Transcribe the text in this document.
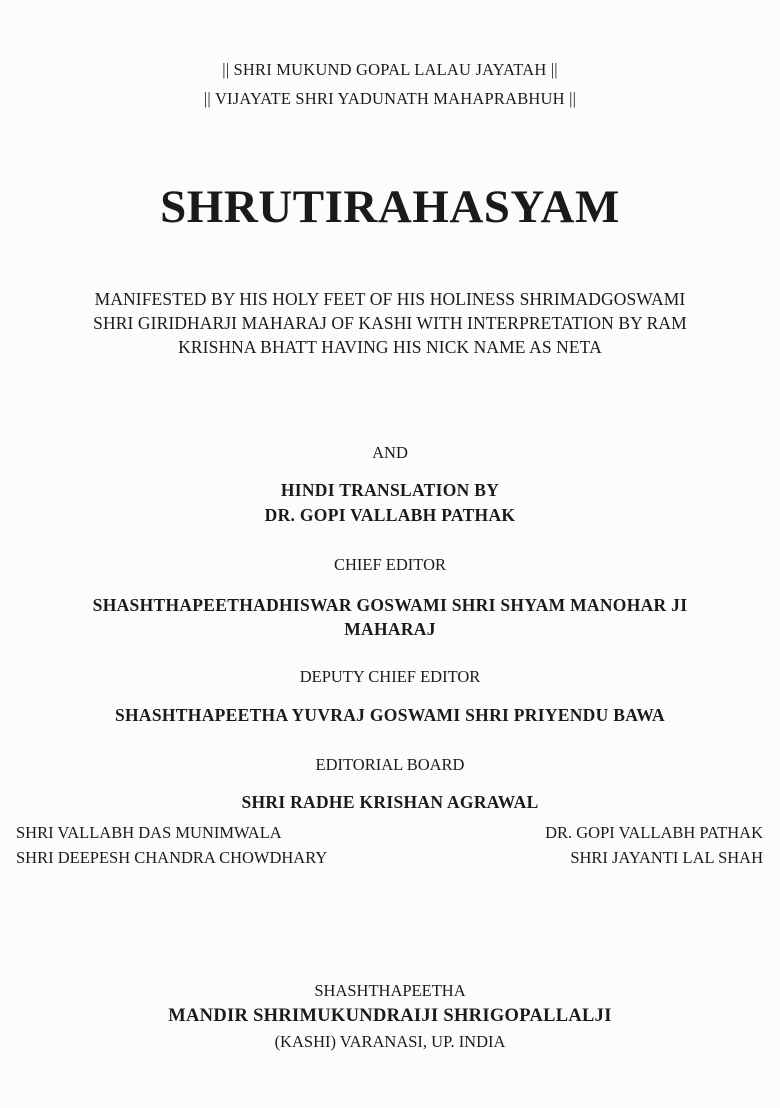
|| SHRI MUKUND GOPAL LALAU JAYATAH ||
|| VIJAYATE SHRI YADUNATH MAHAPRABHUH ||
SHRUTIRAHASYAM
MANIFESTED BY HIS HOLY FEET OF HIS HOLINESS SHRIMADGOSWAMI
SHRI GIRIDHARJI MAHARAJ OF KASHI WITH INTERPRETATION BY RAM
KRISHNA BHATT HAVING HIS NICK NAME AS NETA
AND
HINDI TRANSLATION BY
DR. GOPI VALLABH PATHAK
CHIEF EDITOR
SHASHTHAPEETHADHISWAR GOSWAMI SHRI SHYAM MANOHAR JI
MAHARAJ
DEPUTY CHIEF EDITOR
SHASHTHAPEETHA YUVRAJ GOSWAMI SHRI PRIYENDU BAWA
EDITORIAL BOARD
SHRI RADHE KRISHAN AGRAWAL
SHRI VALLABH DAS MUNIMWALA
SHRI DEEPESH CHANDRA CHOWDHARY
DR. GOPI VALLABH PATHAK
SHRI JAYANTI LAL SHAH
SHASHTHAPEETHA
MANDIR SHRIMUKUNDRAIJI SHRIGOPALLALJI
(KASHI) VARANASI, UP. INDIA
